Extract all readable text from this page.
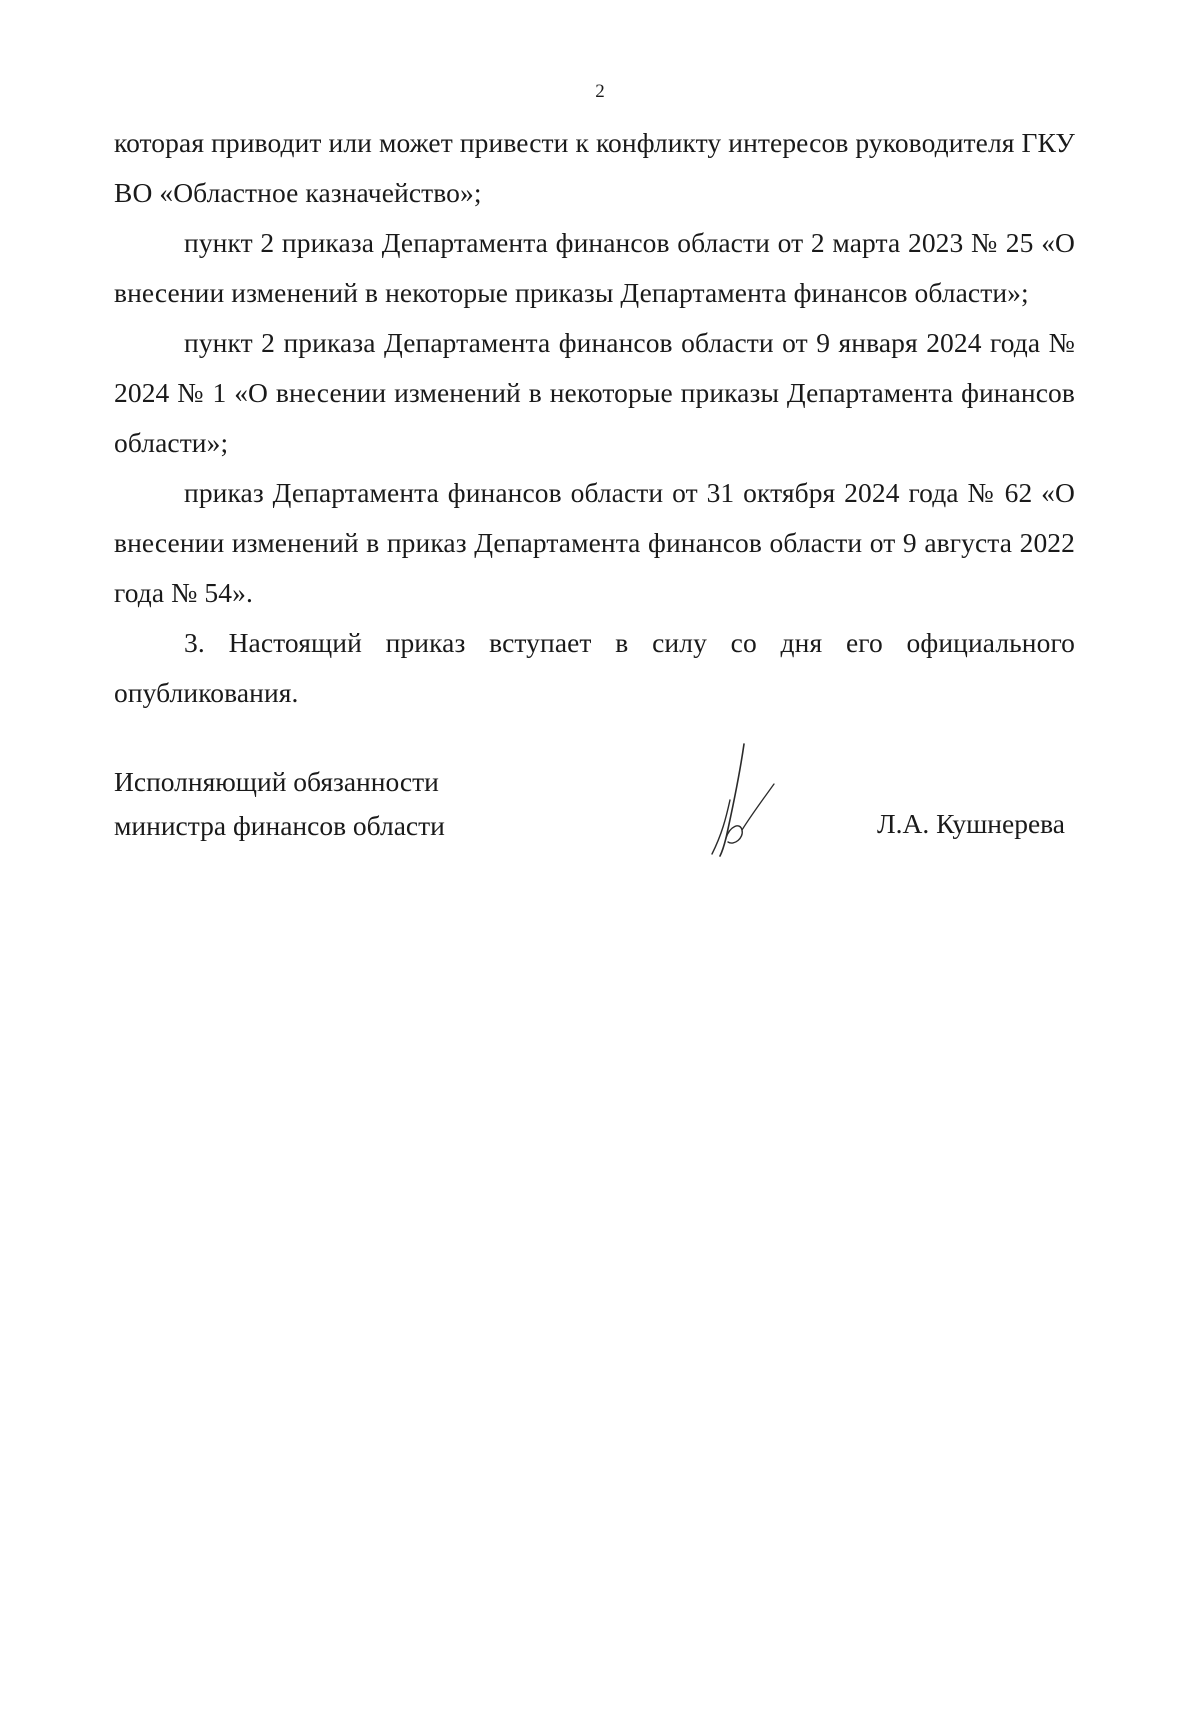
2

которая приводит или может привести к конфликту интересов руководителя ГКУ ВО «Областное казначейство»;

пункт 2 приказа Департамента финансов области от 2 марта 2023 № 25 «О внесении изменений в некоторые приказы Департамента финансов области»;

пункт 2 приказа Департамента финансов области от 9 января 2024 года № 2024 № 1 «О внесении изменений в некоторые приказы Департамента финансов области»;

приказ Департамента финансов области от 31 октября 2024 года № 62 «О внесении изменений в приказ Департамента финансов области от 9 августа 2022 года № 54».

3. Настоящий приказ вступает в силу со дня его официального опубликования.

Исполняющий обязанности
министра финансов области	Л.А. Кушнерева
